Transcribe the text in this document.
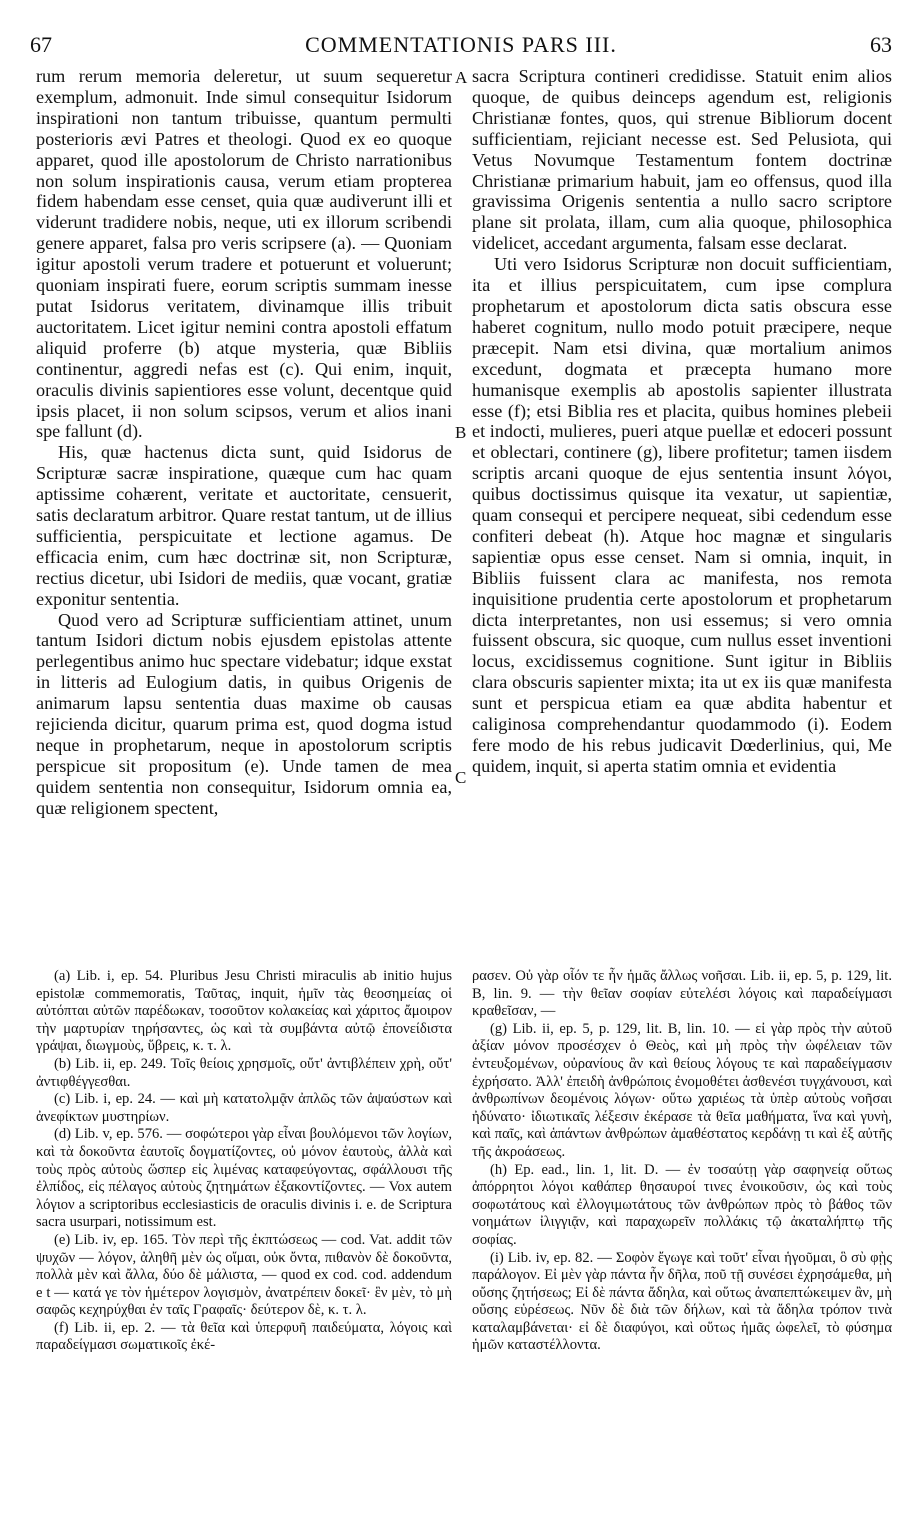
67	COMMENTATIONIS PARS III.	63
A
B
C

rum rerum memoria deleretur, ut suum sequeretur exemplum, admonuit. Inde simul consequitur Isidorum inspirationi non tantum tribuisse, quantum permulti posterioris ævi Patres et theologi. Quod ex eo quoque apparet, quod ille apostolorum de Christo narrationibus non solum inspirationis causa, verum etiam propterea fidem habendam esse censet, quia quæ audiverunt illi et viderunt tradidere nobis, neque, uti ex illorum scribendi genere apparet, falsa pro veris scripsere (a). — Quoniam igitur apostoli verum tradere et potuerunt et voluerunt; quoniam inspirati fuere, eorum scriptis summam inesse putat Isidorus veritatem, divinamque illis tribuit auctoritatem. Licet igitur nemini contra apostoli effatum aliquid proferre (b) atque mysteria, quæ Bibliis continentur, aggredi nefas est (c). Qui enim, inquit, oraculis divinis sapientiores esse volunt, decentque quid ipsis placet, ii non solum scipsos, verum et alios inani spe fallunt (d).

His, quæ hactenus dicta sunt, quid Isidorus de Scripturæ sacræ inspiratione, quæque cum hac quam aptissime cohærent, veritate et auctoritate, censuerit, satis declaratum arbitror. Quare restat tantum, ut de illius sufficientia, perspicuitate et lectione agamus. De efficacia enim, cum hæc doctrinæ sit, non Scripturæ, rectius dicetur, ubi Isidori de mediis, quæ vocant, gratiæ exponitur sententia.

Quod vero ad Scripturæ sufficientiam attinet, unum tantum Isidori dictum nobis ejusdem epistolas attente perlegentibus animo huc spectare videbatur; idque exstat in litteris ad Eulogium datis, in quibus Origenis de animarum lapsu sententia duas maxime ob causas rejicienda dicitur, quarum prima est, quod dogma istud neque in prophetarum, neque in apostolorum scriptis perspicue sit propositum (e). Unde tamen de mea quidem sententia non consequitur, Isidorum omnia ea, quæ religionem spectent,

sacra Scriptura contineri credidisse. Statuit enim alios quoque, de quibus deinceps agendum est, religionis Christianæ fontes, quos, qui strenue Bibliorum docent sufficientiam, rejiciant necesse est. Sed Pelusiota, qui Vetus Novumque Testamentum fontem doctrinæ Christianæ primarium habuit, jam eo offensus, quod illa gravissima Origenis sententia a nullo sacro scriptore plane sit prolata, illam, cum alia quoque, philosophica videlicet, accedant argumenta, falsam esse declarat.

Uti vero Isidorus Scripturæ non docuit sufficientiam, ita et illius perspicuitatem, cum ipse complura prophetarum et apostolorum dicta satis obscura esse haberet cognitum, nullo modo potuit præcipere, neque præcepit. Nam etsi divina, quæ mortalium animos excedunt, dogmata et præcepta humano more humanisque exemplis ab apostolis sapienter illustrata esse (f); etsi Biblia res et placita, quibus homines plebeii et indocti, mulieres, pueri atque puellæ et edoceri possunt et oblectari, continere (g), libere profitetur; tamen iisdem scriptis arcani quoque de ejus sententia insunt λόγοι, quibus doctissimus quisque ita vexatur, ut sapientiæ, quam consequi et percipere nequeat, sibi cedendum esse confiteri debeat (h). Atque hoc magnæ et singularis sapientiæ opus esse censet. Nam si omnia, inquit, in Bibliis fuissent clara ac manifesta, nos remota inquisitione prudentia certe apostolorum et prophetarum dicta interpretantes, non usi essemus; si vero omnia fuissent obscura, sic quoque, cum nullus esset inventioni locus, excidissemus cognitione. Sunt igitur in Bibliis clara obscuris sapienter mixta; ita ut ex iis quæ manifesta sunt et perspicua etiam ea quæ abdita habentur et caliginosa comprehendantur quodammodo (i). Eodem fere modo de his rebus judicavit Dœderlinius, qui, Me quidem, inquit, si aperta statim omnia et evidentia

(a) Lib. i, ep. 54. Pluribus Jesu Christi miraculis ab initio hujus epistolæ commemoratis, Ταῦτας, inquit, ἡμῖν τὰς θεοσημείας οἱ αὐτόπται αὐτῶν παρέδωκαν, τοσοῦτον κολακείας καὶ χάριτος ἄμοιρον τὴν μαρτυρίαν τηρήσαντες, ὡς καὶ τὰ συμβάντα αὐτῷ ἐπονείδιστα γράψαι, διωγμοὺς, ὕβρεις, κ. τ. λ.

(b) Lib. ii, ep. 249. Τοῖς θείοις χρησμοῖς, οὔτ' ἀντιβλέπειν χρὴ, οὔτ' ἀντιφθέγγεσθαι.

(c) Lib. i, ep. 24. — καὶ μὴ κατατολμᾷν ἀπλῶς τῶν ἀψαύστων καὶ ἀνεφίκτων μυστηρίων.

(d) Lib. v, ep. 576. — σοφώτεροι γὰρ εἶναι βουλόμενοι τῶν λογίων, καὶ τὰ δοκοῦντα ἑαυτοῖς δογματίζοντες, οὐ μόνον ἑαυτοὺς, ἀλλὰ καὶ τοὺς πρὸς αὐτοὺς ὥσπερ εἰς λιμένας καταφεύγοντας, σφάλλουσι τῆς ἐλπίδος, εἰς πέλαγος αὐτοὺς ζητημάτων ἐξακοντίζοντες. — Vox autem λόγιον a scriptoribus ecclesiasticis de oraculis divinis i. e. de Scriptura sacra usurpari, notissimum est.

(e) Lib. iv, ep. 165. Τὸν περὶ τῆς ἐκπτώσεως — cod. Vat. addit τῶν ψυχῶν — λόγον, ἀληθῆ μὲν ὡς οἴμαι, οὐκ ὄντα, πιθανὸν δὲ δοκοῦντα, πολλὰ μὲν καὶ ἄλλα, δύο δὲ μάλιστα, — quod ex cod. cod. addendum e t — κατά γε τὸν ἡμέτερον λογισμὸν, ἀνατρέπειν δοκεῖ· ἓν μὲν, τὸ μὴ σαφῶς κεχηρύχθαι ἐν ταῖς Γραφαῖς· δεύτερον δὲ, κ. τ. λ.

(f) Lib. ii, ep. 2. — τὰ θεῖα καὶ ὑπερφυῆ παιδεύματα, λόγοις καὶ παραδείγμασι σωματικοῖς ἐκέ-

ρασεν. Οὐ γὰρ οἷόν τε ἦν ἡμᾶς ἄλλως νοῆσαι. Lib. ii, ep. 5, p. 129, lit. B, lin. 9. — τὴν θεῖαν σοφίαν εὐτελέσι λόγοις καὶ παραδείγμασι κραθεῖσαν, —

(g) Lib. ii, ep. 5, p. 129, lit. B, lin. 10. — εἰ γὰρ πρὸς τὴν αὐτοῦ ἀξίαν μόνον προσέσχεν ὁ Θεὸς, καὶ μὴ πρὸς τὴν ὠφέλειαν τῶν ἐντευξομένων, οὐρανίους ἂν καὶ θείους λόγους τε καὶ παραδείγμασιν ἐχρήσατο. Ἀλλ' ἐπειδὴ ἀνθρώποις ἐνομοθέτει ἀσθενέσι τυγχάνουσι, καὶ ἀνθρωπίνων δεομένοις λόγων· οὕτω χαριέως τὰ ὑπὲρ αὐτοὺς νοῆσαι ἠδύνατο· ἰδιωτικαῖς λέξεσιν ἐκέρασε τὰ θεῖα μαθήματα, ἵνα καὶ γυνὴ, καὶ παῖς, καὶ ἁπάντων ἀνθρώπων ἀμαθέστατος κερδάνῃ τι καὶ ἐξ αὐτῆς τῆς ἀκροάσεως.

(h) Ep. ead., lin. 1, lit. D. — ἐν τοσαύτῃ γὰρ σαφηνείᾳ οὕτως ἀπόρρητοι λόγοι καθάπερ θησαυροί τινες ἐνοικοῦσιν, ὡς καὶ τοὺς σοφωτάτους καὶ ἐλλογιμωτάτους τῶν ἀνθρώπων πρὸς τὸ βάθος τῶν νοημάτων ἰλιγγιᾷν, καὶ παραχωρεῖν πολλάκις τῷ ἀκαταλήπτῳ τῆς σοφίας.

(i) Lib. iv, ep. 82. — Σοφὸν ἔγωγε καὶ τοῦτ' εἶναι ἡγοῦμαι, ὃ σὺ φῂς παράλογον. Εἰ μὲν γὰρ πάντα ἦν δῆλα, ποῦ τῇ συνέσει ἐχρησάμεθα, μὴ οὔσης ζητήσεως; Εἰ δὲ πάντα ἄδηλα, καὶ οὕτως ἀναπεπτώκειμεν ἂν, μὴ οὔσης εὑρέσεως. Νῦν δὲ διὰ τῶν δήλων, καὶ τὰ ἄδηλα τρόπον τινὰ καταλαμβάνεται· εἰ δὲ διαφύγοι, καὶ οὕτως ἡμᾶς ὠφελεῖ, τὸ φύσημα ἡμῶν καταστέλλοντα.
